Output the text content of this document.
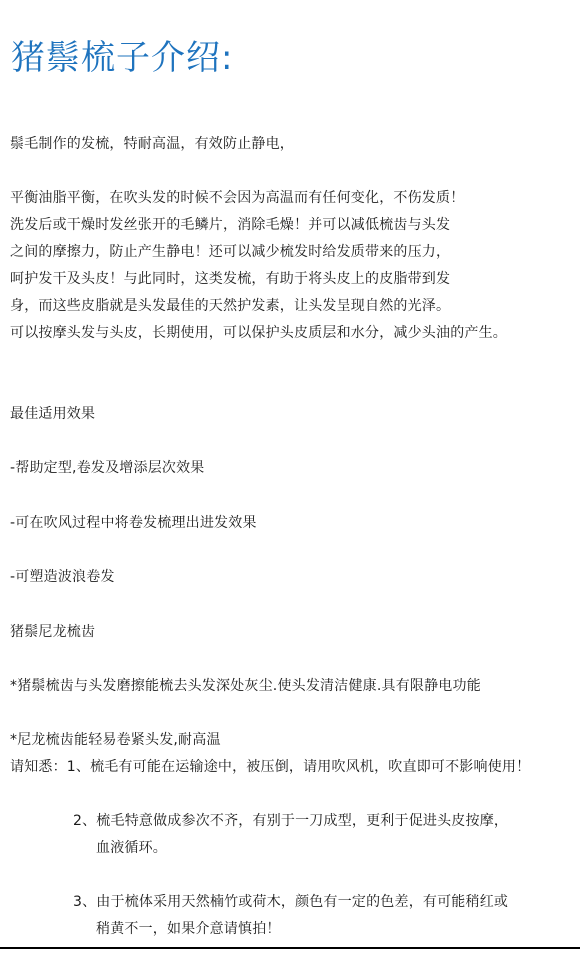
猪鬃梳子介绍:
鬃毛制作的发梳，特耐高温，有效防止静电，
平衡油脂平衡，在吹头发的时候不会因为高温而有任何变化，不伤发质！
洗发后或干燥时发丝张开的毛鳞片，消除毛燥！并可以减低梳齿与头发
之间的摩擦力，防止产生静电！还可以减少梳发时给发质带来的压力，
呵护发干及头皮！与此同时，这类发梳，有助于将头皮上的皮脂带到发
身，而这些皮脂就是头发最佳的天然护发素，让头发呈现自然的光泽。
可以按摩头发与头皮，长期使用，可以保护头皮质层和水分，减少头油的产生。
最佳适用效果
-帮助定型,卷发及增添层次效果
-可在吹风过程中将卷发梳理出进发效果
-可塑造波浪卷发
猪鬃尼龙梳齿
*猪鬃梳齿与头发磨擦能梳去头发深处灰尘.使头发清洁健康.具有限静电功能
*尼龙梳齿能轻易卷紧头发,耐高温
请知悉：1、梳毛有可能在运输途中，被压倒，请用吹风机，吹直即可不影响使用！
2、梳毛特意做成参次不齐，有别于一刀成型，更利于促进头皮按摩，
血液循环。
3、由于梳体采用天然楠竹或荷木，颜色有一定的色差，有可能稍红或
稍黄不一，如果介意请慎拍！
